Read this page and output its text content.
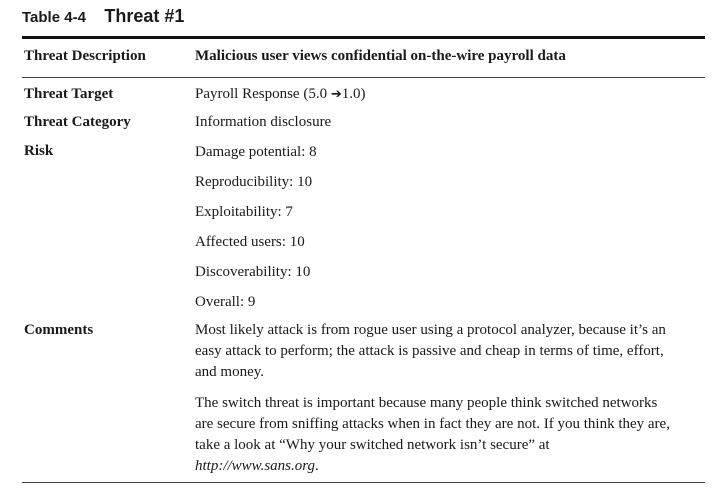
Table 4-4 Threat #1
Threat Description	Malicious user views confidential on-the-wire payroll data
Threat Target	Payroll Response (5.0 ➔1.0)
Threat Category	Information disclosure
Risk	Damage potential: 8
Reproducibility: 10
Exploitability: 7
Affected users: 10
Discoverability: 10
Overall: 9
Comments	Most likely attack is from rogue user using a protocol analyzer, because it’s an easy attack to perform; the attack is passive and cheap in terms of time, effort, and money.

The switch threat is important because many people think switched networks are secure from sniffing attacks when in fact they are not. If you think they are, take a look at “Why your switched network isn’t secure” at http://www.sans.org.
